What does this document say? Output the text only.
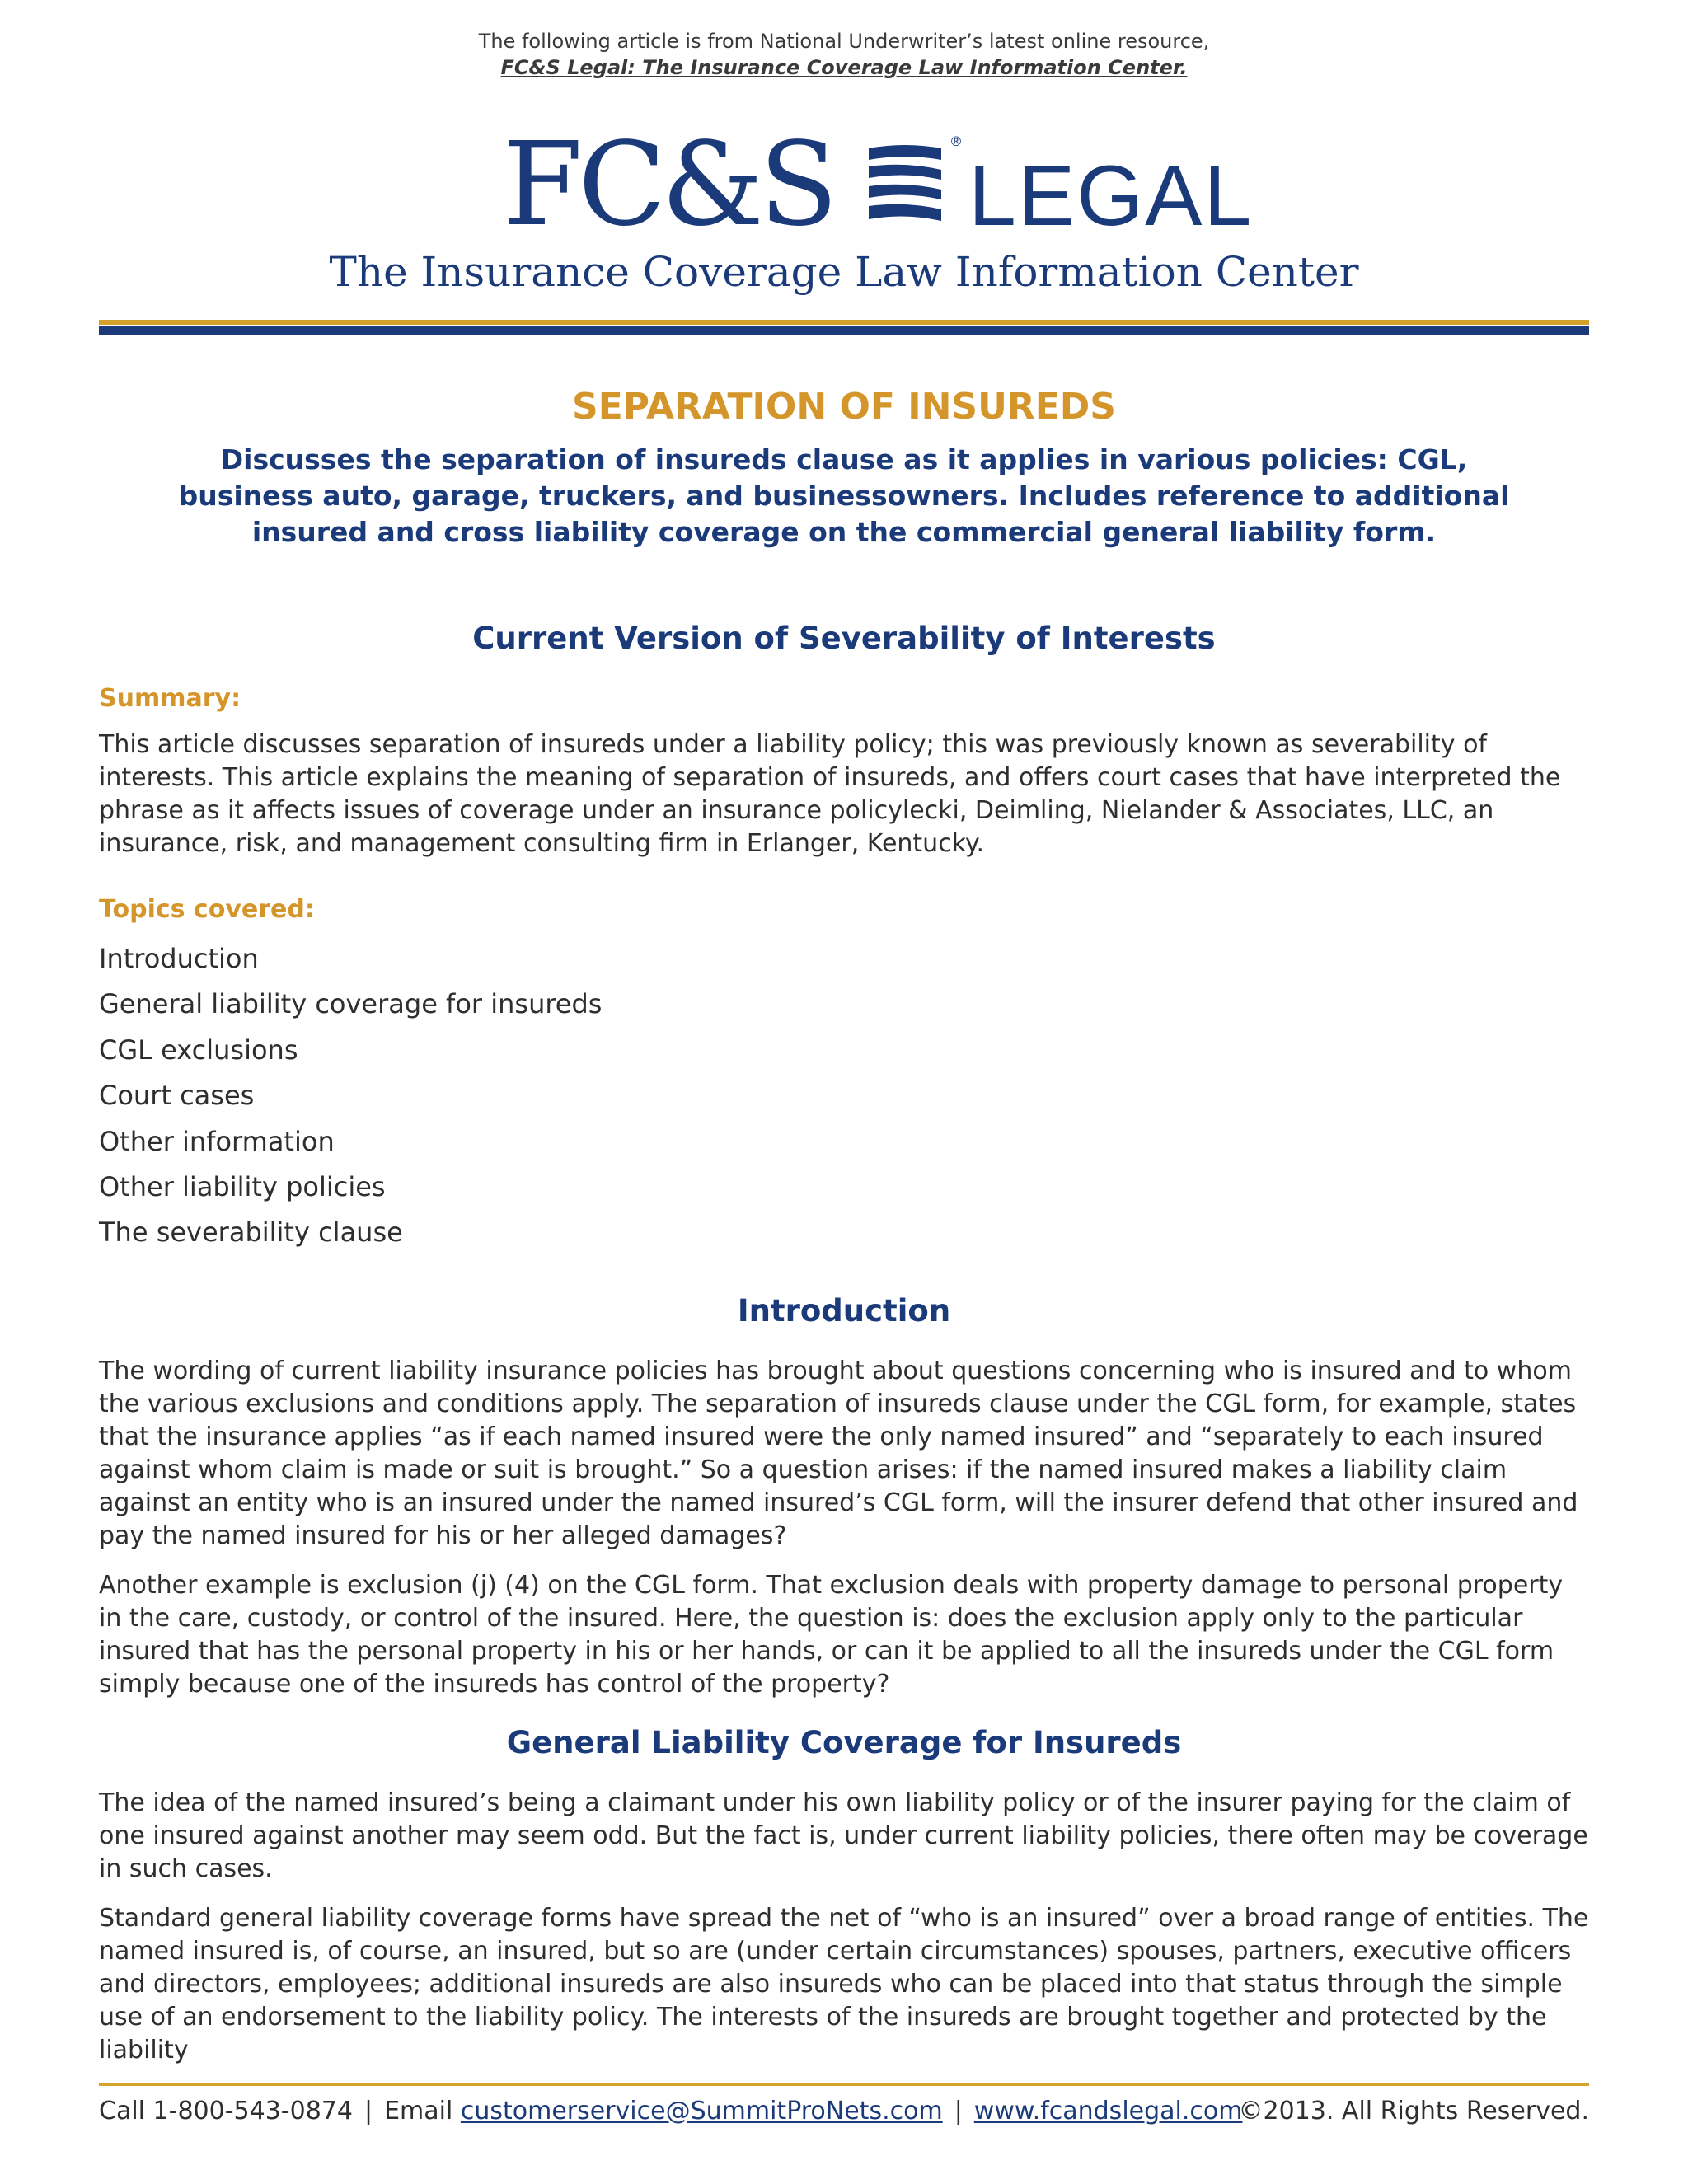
The following article is from National Underwriter’s latest online resource,
FC&S Legal: The Insurance Coverage Law Information Center.
FC&S	®
LEGAL
The Insurance Coverage Law Information Center
SEPARATION OF INSUREDS
Discusses the separation of insureds clause as it applies in various policies: CGL, business auto, garage, truckers, and businessowners. Includes reference to additional insured and cross liability coverage on the commercial general liability form.
Current Version of Severability of Interests
Summary:

This article discusses separation of insureds under a liability policy; this was previously known as severability of interests. This article explains the meaning of separation of insureds, and offers court cases that have interpreted the phrase as it affects issues of coverage under an insurance policylecki, Deimling, Nielander & Associates, LLC, an insurance, risk, and management consulting firm in Erlanger, Kentucky.

Topics covered:
Introduction
General liability coverage for insureds
CGL exclusions
Court cases
Other information
Other liability policies
The severability clause
Introduction

The wording of current liability insurance policies has brought about questions concerning who is insured and to whom the various exclusions and conditions apply. The separation of insureds clause under the CGL form, for example, states that the insurance applies “as if each named insured were the only named insured” and “separately to each insured against whom claim is made or suit is brought.” So a question arises: if the named insured makes a liability claim against an entity who is an insured under the named insured’s CGL form, will the insurer defend that other insured and pay the named insured for his or her alleged damages?

Another example is exclusion (j) (4) on the CGL form. That exclusion deals with property damage to personal property in the care, custody, or control of the insured. Here, the question is: does the exclusion apply only to the particular insured that has the personal property in his or her hands, or can it be applied to all the insureds under the CGL form simply because one of the insureds has control of the property?

General Liability Coverage for Insureds

The idea of the named insured’s being a claimant under his own liability policy or of the insurer paying for the claim of one insured against another may seem odd. But the fact is, under current liability policies, there often may be coverage in such cases.

Standard general liability coverage forms have spread the net of “who is an insured” over a broad range of entities. The named insured is, of course, an insured, but so are (under certain circumstances) spouses, partners, executive officers and directors, employees; additional insureds are also insureds who can be placed into that status through the simple use of an endorsement to the liability policy. The interests of the insureds are brought together and protected by the liability

Call 1-800-543-0874 | Email customerservice@SummitProNets.com | www.fcandslegal.com
©2013. All Rights Reserved.
